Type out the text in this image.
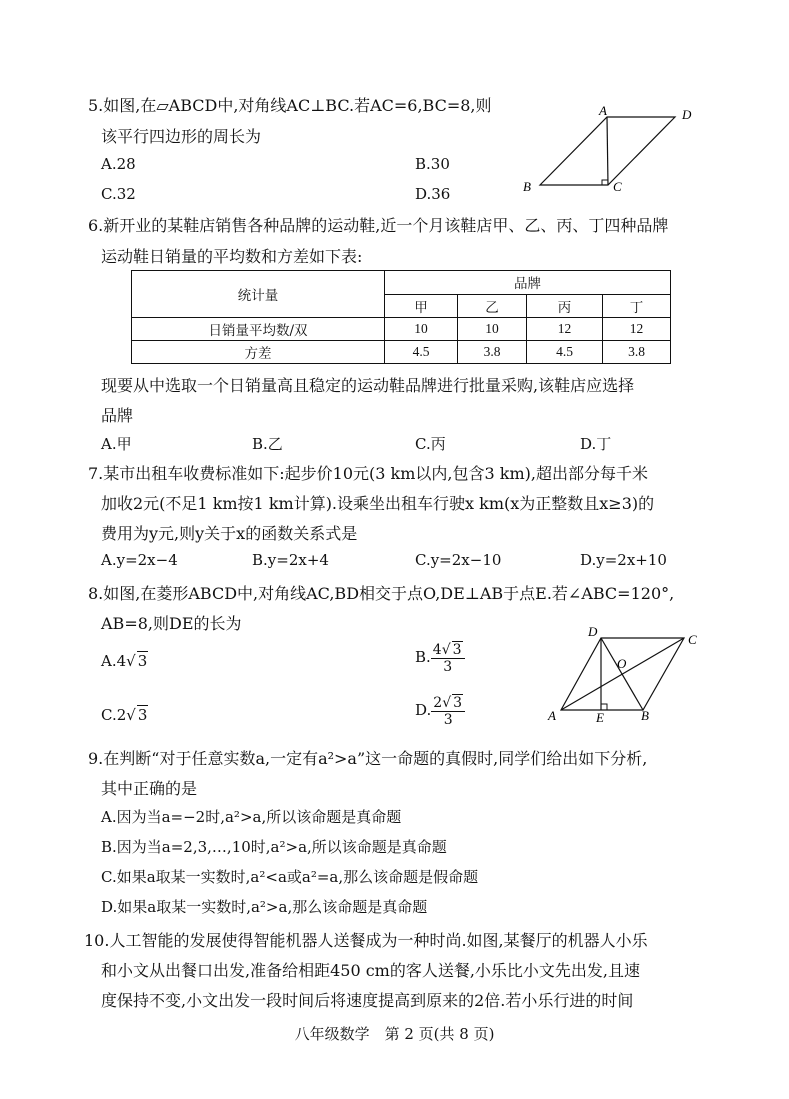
5.如图,在▱ABCD中,对角线AC⊥BC.若AC=6,BC=8,则
该平行四边形的周长为
A.28	B.30
C.32	D.36
A	D
B	C
6.新开业的某鞋店销售各种品牌的运动鞋,近一个月该鞋店甲、乙、丙、丁四种品牌
运动鞋日销量的平均数和方差如下表:
统计量	品牌			
	甲	乙	丙	丁
日销量平均数/双	10	10	12	12
方差	4.5	3.8	4.5	3.8
现要从中选取一个日销量高且稳定的运动鞋品牌进行批量采购,该鞋店应选择
品牌
A.甲	B.乙	C.丙	D.丁
7.某市出租车收费标准如下:起步价10元(3 km以内,包含3 km),超出部分每千米
加收2元(不足1 km按1 km计算).设乘坐出租车行驶x km(x为正整数且x≥3)的
费用为y元,则y关于x的函数关系式是
A.y=2x−4	B.y=2x+4	C.y=2x−10	D.y=2x+10
8.如图,在菱形ABCD中,对角线AC,BD相交于点O,DE⊥AB于点E.若∠ABC=120°,
AB=8,则DE的长为
A.4√ 3	B. $\frac{4√ 3}{3}$
C.2√ 3	D. $\frac{2√ 3}{3}$
D
C
O
A	E	B
9.在判断“对于任意实数a,一定有a²>a”这一命题的真假时,同学们给出如下分析,
其中正确的是
A.因为当a=−2时,a²>a,所以该命题是真命题
B.因为当a=2,3,…,10时,a²>a,所以该命题是真命题
C.如果a取某一实数时,a²<a或a²=a,那么该命题是假命题
D.如果a取某一实数时,a²>a,那么该命题是真命题
10.人工智能的发展使得智能机器人送餐成为一种时尚.如图,某餐厅的机器人小乐
和小文从出餐口出发,准备给相距450 cm的客人送餐,小乐比小文先出发,且速
度保持不变,小文出发一段时间后将速度提高到原来的2倍.若小乐行进的时间
八年级数学　第 2 页(共 8 页)
